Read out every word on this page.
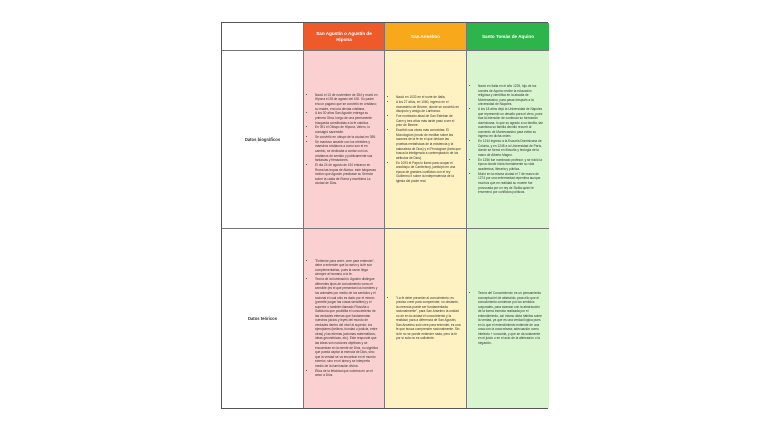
San Agustín o Agustín de Hipona
San Anselmo	Santo Tomás de Aquino
Datos biográficos
• Nació el 13 de noviembre de 354 y murió en Hipona el 28 de agosto del 430. Su padre era un pagano que se convirtió en cristiano; su madre, era una devota cristiana.
• A los 30 años San Agustín entrega su primera Obra, luego de una permanente búsqueda constituidas a la fe católica.
• En 391 el Obispo de Hipona, Valero, lo consagró sacerdote.
• Se convirtió en obispo de la ciudad en 395.
• Se mantuvo amable con los rebeldes y maestros cristianos a como son el en cambio, se dedicaba a contar con los cristianos de sentido y públicamente sus fantasías y firmaciones.
• El día 24 de agosto de 410 entraron en Roma las tropas de Alarico, este bárgaroso motivo que Agustín predicase su Sermón sobre la caída de Roma y escribiera La ciudad de Dios.
• Nació en 1033 en el norte de Italia.
• A los 27 años, en 1060, ingresó en el monasterio de Becme, donde se convirtió en discípulo y amigo de Lanfranco.
• Fue nombrado abad de San Esteban de Caen y tres años más tarde pasó a ser el prior de Becme.
• Escribió sus obras más conocidas: El Monologium (modo de meditar sobre las razones de la fe en el que deduce las pruebas metafísicas de la existencia y la naturaleza de Dios) y el Proslogium (tarta que busca la inteligencia a contemplación de los atributos de Dios).
• En 1093 el Papa lo llamó para ocupar el arzobispo de Canterbury, participó en una época de grandes conflictos con el rey Guillermo II sobre la independencia de la iglesia del poder real.
• Nació en Italia en el año 1225, hijo de los condes de Aquino recibe la educación religiosa y científica en la abadía de Montecassino, para pasar después a la universidad de Nápoles.
• A los 18 años dejó la Universidad de Nápoles que representó un desafío para el clero, pues tras la intención de continuar su formación dominicana, lo que su agrado a su familia, tan cuantiosa su familia decidió recurrir al convento de Montecassino para evitar su ingreso en dicha orden.
• En 1244 ingresó a la Escuela Dominicana de Colonia, y en 1248 a la Universidad de París, donde se formó en filosofía y teología de la mano de Alberto Magno.
• En 1256 fue nombrado profesor, y se inició la época donde inicia formalmente su vida académica, literaria y pública.
• Murió en la misma ciudad el 7 de marzo de 1274 por una enfermedad repentina aunque muchos que en realidad su muerte fue provocada por un rey de Sicilia quien le envenenó por conflictos políticos.
Datos teóricos
• "Entiende para creer, cree para entender", debe a entender que la razón y la fe son complementarias, pues la razón llega siempre al humano a la fe.
• Teoría de la iluminación: Agustín distingue diferentes tipos de conocimiento como el sensible (es el que presentan los hombres y los animales por medio de los sentidos y el racional el cual sólo es dado por el mismo (permite juzgar las cosas sensibles) y el superior o también llamado Filosofía o Sabiduría que posibilita el conocimiento de las verdades eternas que fundamentan nuestros juicios y leyes del mundo de verdades dentro del nivel al superior, los ejemplares (belleza, bondad o justicia, entre otras) y las eternas (axiomas matemáticos, ideas geométricas, etc). Este responde que las ideas son nociones objetivas y se encuentran en la mente de Dios, no significa que pueda captar la esencia de Dios, sino que la verdad se va encontrar en el mundo exterior, sino en el alma y se interpreta medio de la iluminación divina.
• Ética de la felicidad que culmina en un el amor a Dios.
• "La fe debe preceder al conocimiento; es preciso creer para comprender, no obstante, la creencia puede ser fundamentada racionalmente", para San Anselmo la unidad no de en la unidad el conocimiento y la realidad; para a diferencia de San Agustín, San Anselmo solo cree para entender, es una fe que busca comprender racionalmente. Sin la fe no se puede entender nada, pero la fe por sí sola no es suficiente.
• Teoría del Conocimiento: es un pensamiento conceptual el de abstraído, para ello que el conocimiento comience por los sentidos corporales, para avanzar con la abstracción de la forma esencia realizada por el entendimiento, así mismo dicta hábitos sobre la verdad, ya que es una verdad lógica pues en lo que el entendimiento entiende de una cosa con la cosa misma; adecuación como intelecto + conocida, y que se da solamente en el juicio o en el acto de la afirmación o la negación.
